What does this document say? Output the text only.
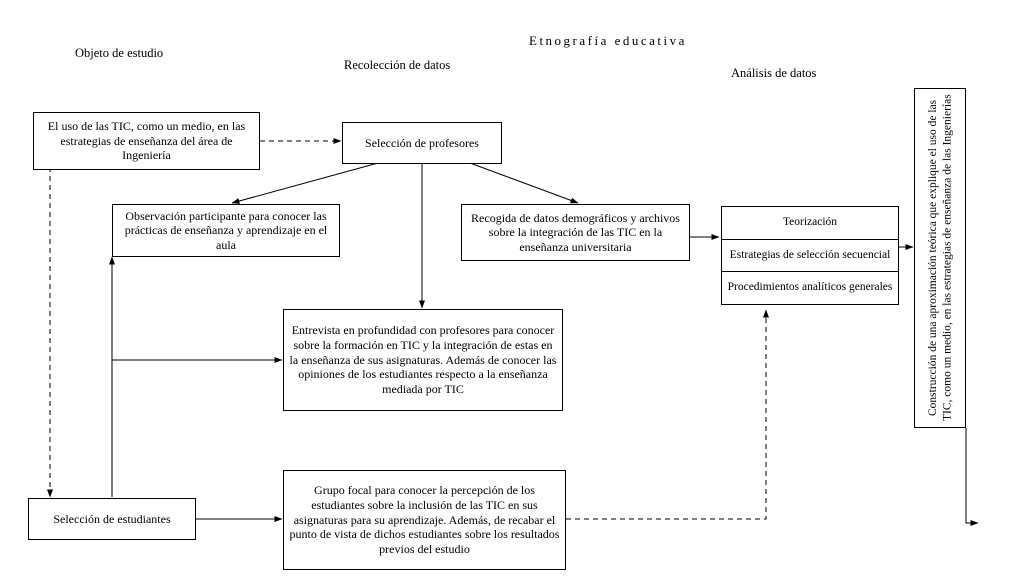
Etnografía educativa
Objeto de estudio
Recolección de datos
Análisis de datos
El uso de las TIC, como un medio, en las estrategias de enseñanza del área de Ingeniería
Selección de profesores
Observación participante para conocer las prácticas de enseñanza y aprendizaje en el aula
Recogida de datos demográficos y archivos sobre la integración de las TIC en la enseñanza universitaria
Entrevista en profundidad con profesores para conocer sobre la formación en TIC y la integración de estas en la enseñanza de sus asignaturas. Además de conocer las opiniones de los estudiantes respecto a la enseñanza mediada por TIC
Selección de estudiantes
Grupo focal para conocer la percepción de los estudiantes sobre la inclusión de las TIC en sus asignaturas para su aprendizaje. Además, de recabar el punto de vista de dichos estudiantes sobre los resultados previos del estudio
Teorización
Estrategias de selección secuencial
Procedimientos analíticos generales	Construcción de una aproximación teórica que explique el uso de las TIC, como un medio, en las estrategias de enseñanza de las Ingenierías
